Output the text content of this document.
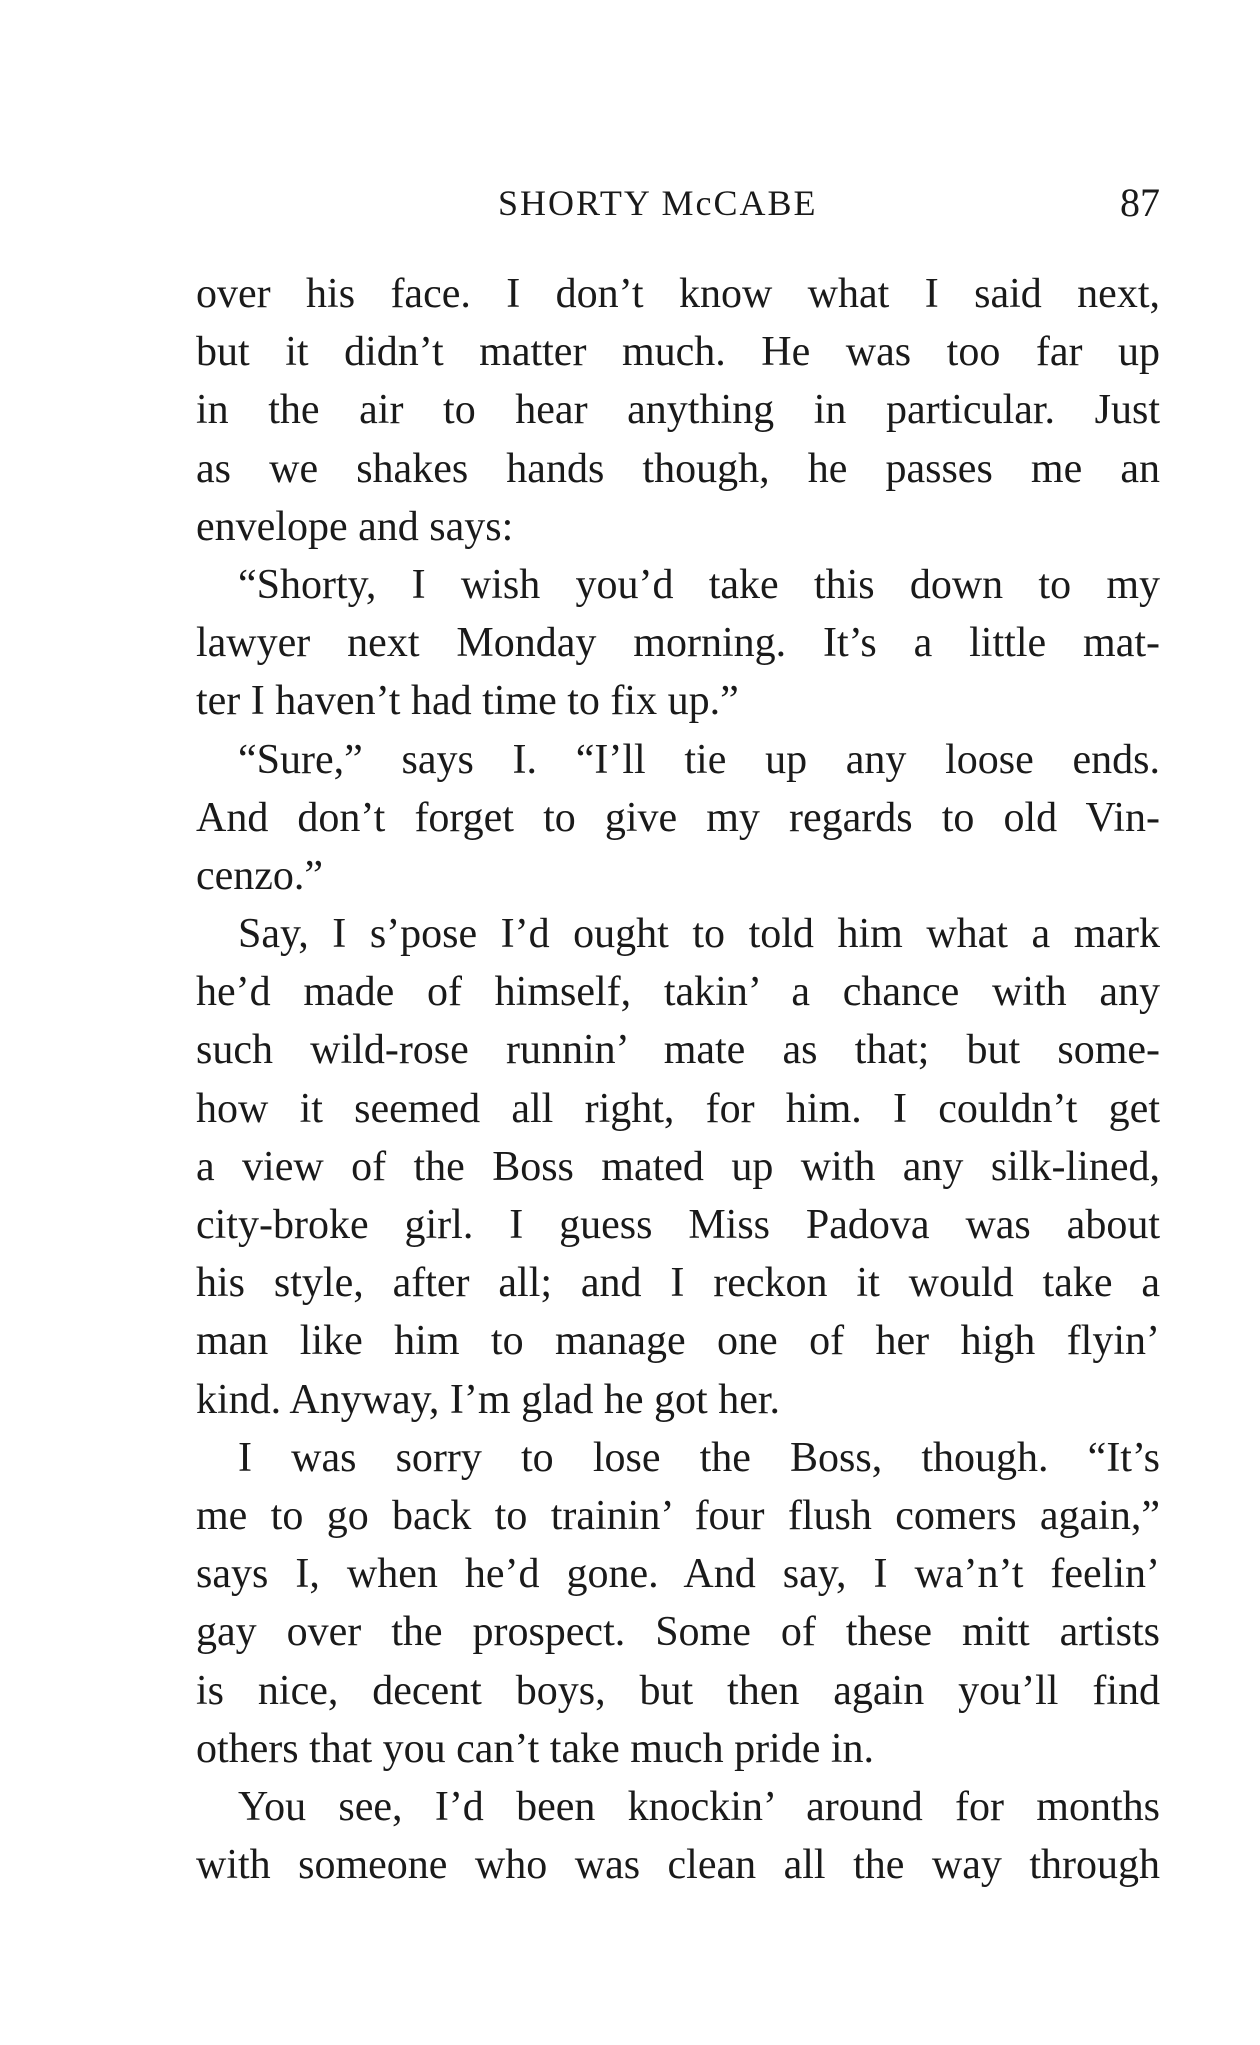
SHORTY McCABE	87
over his face. I don’t know what I said next,
but it didn’t matter much. He was too far up
in the air to hear anything in particular. Just
as we shakes hands though, he passes me an
envelope and says:
“Shorty, I wish you’d take this down to my
lawyer next Monday morning. It’s a little mat-
ter I haven’t had time to fix up.”
“Sure,” says I. “I’ll tie up any loose ends.
And don’t forget to give my regards to old Vin-
cenzo.”
Say, I s’pose I’d ought to told him what a mark
he’d made of himself, takin’ a chance with any
such wild-rose runnin’ mate as that; but some-
how it seemed all right, for him. I couldn’t get
a view of the Boss mated up with any silk-lined,
city-broke girl. I guess Miss Padova was about
his style, after all; and I reckon it would take a
man like him to manage one of her high flyin’
kind. Anyway, I’m glad he got her.
I was sorry to lose the Boss, though. “It’s
me to go back to trainin’ four flush comers again,”
says I, when he’d gone. And say, I wa’n’t feelin’
gay over the prospect. Some of these mitt artists
is nice, decent boys, but then again you’ll find
others that you can’t take much pride in.
You see, I’d been knockin’ around for months
with someone who was clean all the way through
